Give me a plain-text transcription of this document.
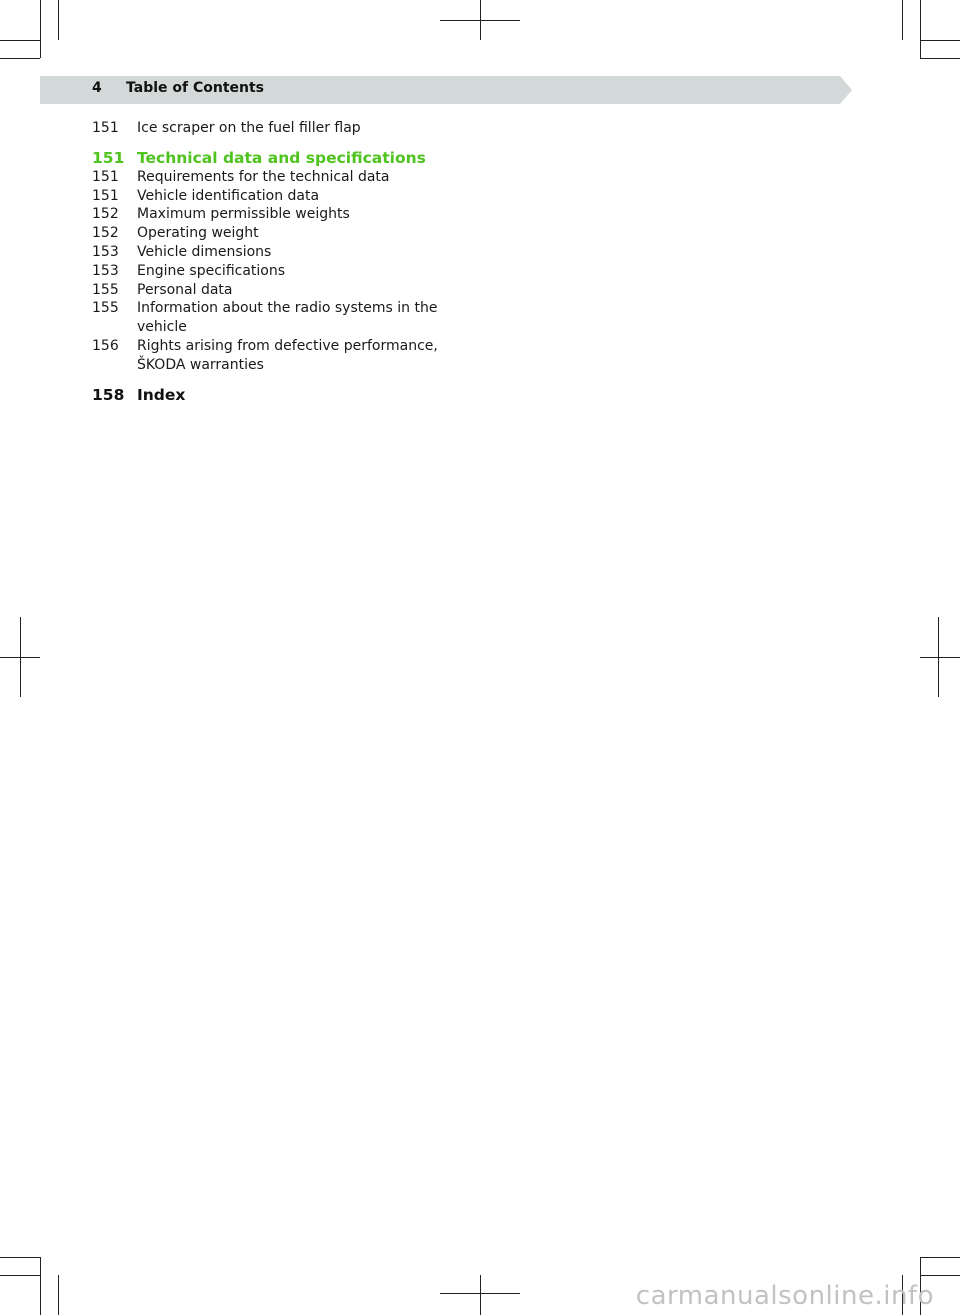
4 Table of Contents
151	Ice scraper on the fuel filler flap
151 Technical data and specifications
151	Requirements for the technical data
151	Vehicle identification data
152	Maximum permissible weights
152	Operating weight
153	Vehicle dimensions
153	Engine specifications
155	Personal data
155	Information about the radio systems in the vehicle
156	Rights arising from defective performance, ŠKODA warranties
158 Index
carmanualsonline.info
